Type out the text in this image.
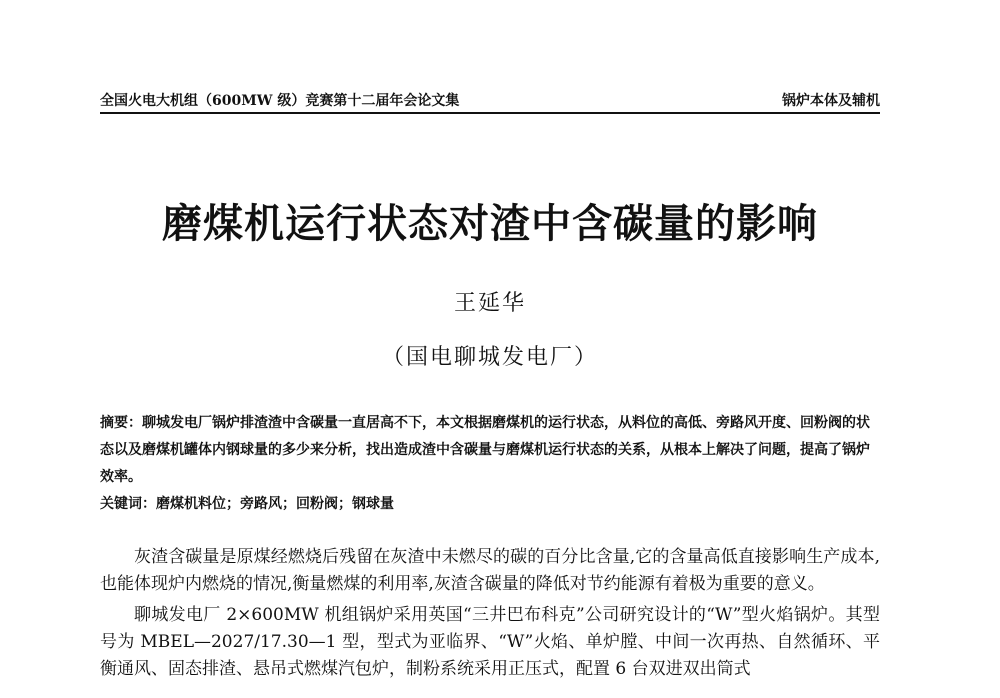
全国火电大机组（600MW 级）竞赛第十二届年会论文集	锅炉本体及辅机
磨煤机运行状态对渣中含碳量的影响
王延华
（国电聊城发电厂）
摘要：聊城发电厂锅炉排渣渣中含碳量一直居高不下，本文根据磨煤机的运行状态，从料位的高低、旁路风开度、回粉阀的状态以及磨煤机罐体内钢球量的多少来分析，找出造成渣中含碳量与磨煤机运行状态的关系，从根本上解决了问题，提高了锅炉效率。
关键词：磨煤机料位；旁路风；回粉阀；钢球量

灰渣含碳量是原煤经燃烧后残留在灰渣中未燃尽的碳的百分比含量,它的含量高低直接影响生产成本,也能体现炉内燃烧的情况,衡量燃煤的利用率,灰渣含碳量的降低对节约能源有着极为重要的意义。

聊城发电厂 2×600MW 机组锅炉采用英国“三井巴布科克”公司研究设计的“W”型火焰锅炉。其型号为 MBEL—2027/17.30—1 型，型式为亚临界、“W”火焰、单炉膛、中间一次再热、自然循环、平衡通风、固态排渣、悬吊式燃煤汽包炉，制粉系统采用正压式，配置 6 台双进双出筒式
